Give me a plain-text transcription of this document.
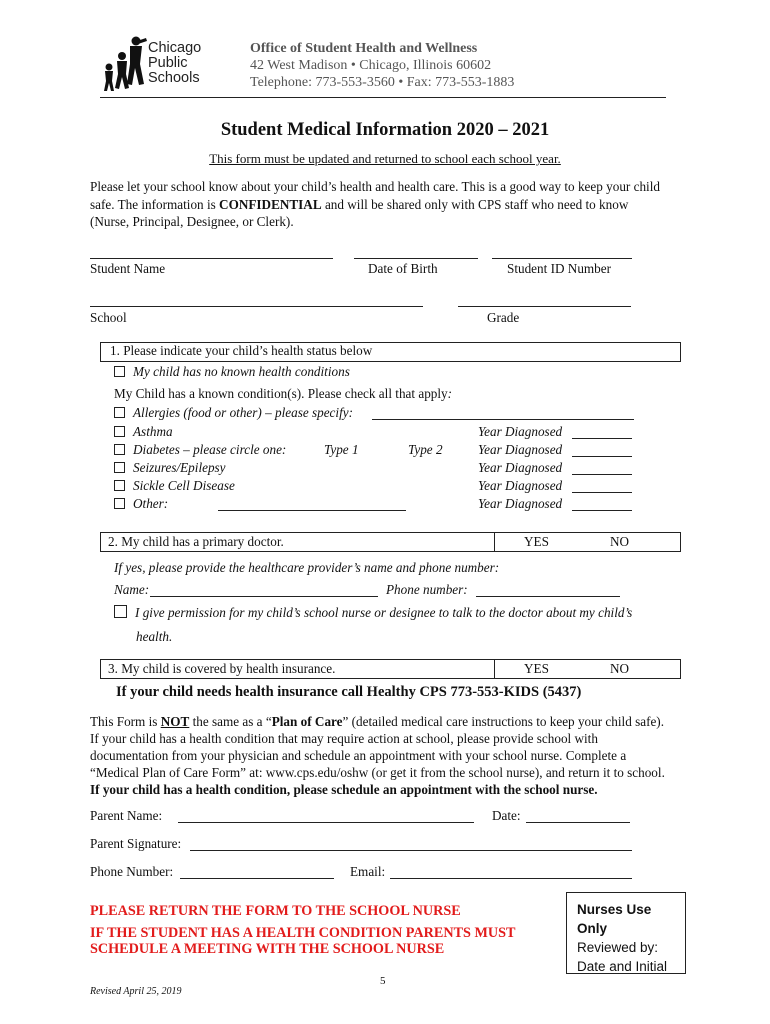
Chicago
Public
Schools
Office of Student Health and Wellness
42 West Madison • Chicago, Illinois 60602
Telephone: 773-553-3560 • Fax: 773-553-1883
Student Medical Information 2020 – 2021
This form must be updated and returned to school each school year.
Please let your school know about your child’s health and health care. This is a good way to keep your child safe. The information is CONFIDENTIAL and will be shared only with CPS staff who need to know (Nurse, Principal, Designee, or Clerk).
Student Name	Date of Birth	Student ID Number
School	Grade
1. Please indicate your child’s health status below
My child has no known health conditions
My Child has a known condition(s). Please check all that apply:
Allergies (food or other) – please specify:
Asthma	Year Diagnosed
Diabetes – please circle one:	Type 1	Type 2	Year Diagnosed
Seizures/Epilepsy	Year Diagnosed
Sickle Cell Disease	Year Diagnosed
Other:	Year Diagnosed
2. My child has a primary doctor.	YES	NO
If yes, please provide the healthcare provider’s name and phone number:
Name:	Phone number:
I give permission for my child’s school nurse or designee to talk to the doctor about my child’s
health.
3. My child is covered by health insurance.	YES	NO
If your child needs health insurance call Healthy CPS 773-553-KIDS (5437)
This Form is NOT the same as a “Plan of Care” (detailed medical care instructions to keep your child safe). If your child has a health condition that may require action at school, please provide school with documentation from your physician and schedule an appointment with your school nurse. Complete a “Medical Plan of Care Form” at: www.cps.edu/oshw (or get it from the school nurse), and return it to school. If your child has a health condition, please schedule an appointment with the school nurse.
Parent Name:	Date:
Parent Signature:
Phone Number:	Email:
PLEASE RETURN THE FORM TO THE SCHOOL NURSE
IF THE STUDENT HAS A HEALTH CONDITION PARENTS MUST
SCHEDULE A MEETING WITH THE SCHOOL NURSE
Nurses Use Only
Reviewed by:
Date and Initial
5
Revised April 25, 2019
